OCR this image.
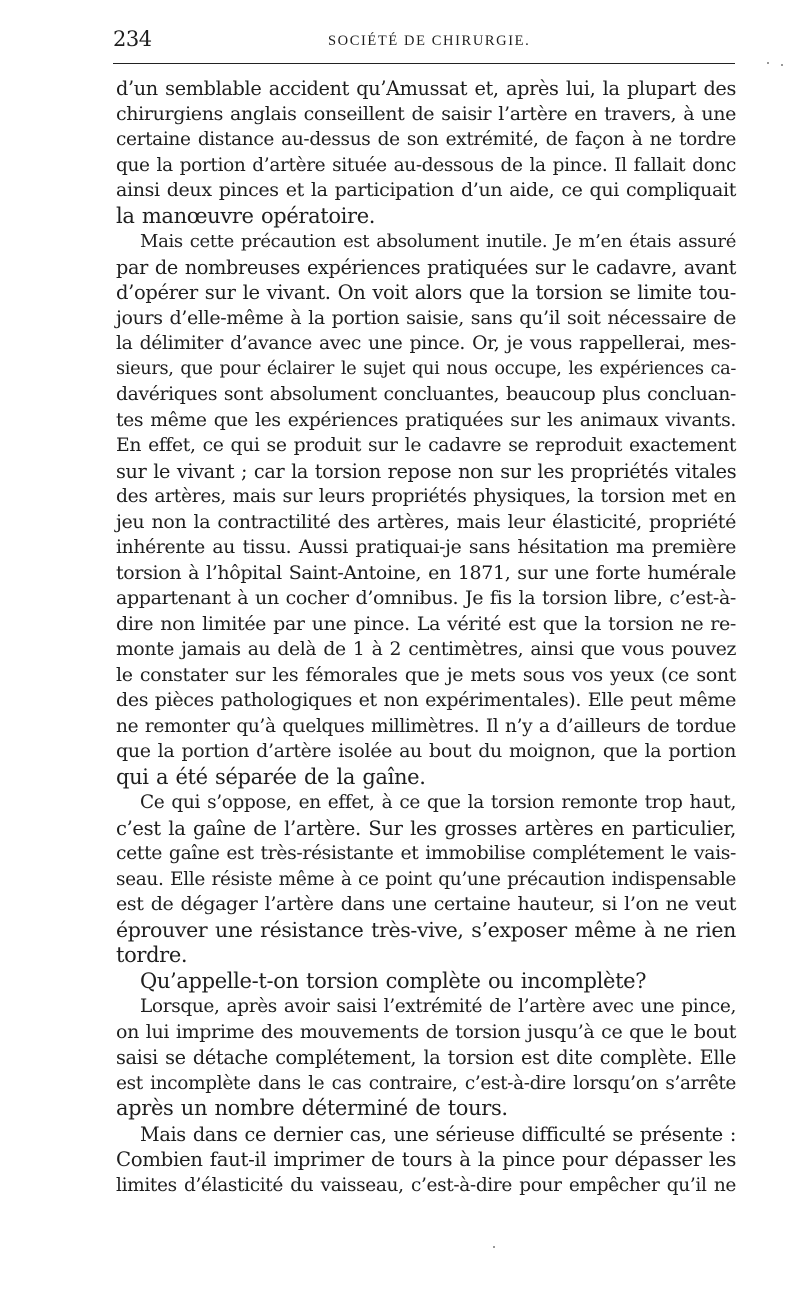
234	SOCIÉTÉ DE CHIRURGIE.
d’un semblable accident qu’Amussat et, après lui, la plupart des
chirurgiens anglais conseillent de saisir l’artère en travers, à une
certaine distance au-dessus de son extrémité, de façon à ne tordre
que la portion d’artère située au-dessous de la pince. Il fallait donc
ainsi deux pinces et la participation d’un aide, ce qui compliquait
la manœuvre opératoire.
Mais cette précaution est absolument inutile. Je m’en étais assuré
par de nombreuses expériences pratiquées sur le cadavre, avant
d’opérer sur le vivant. On voit alors que la torsion se limite tou-
jours d’elle-même à la portion saisie, sans qu’il soit nécessaire de
la délimiter d’avance avec une pince. Or, je vous rappellerai, mes-
sieurs, que pour éclairer le sujet qui nous occupe, les expériences ca-
davériques sont absolument concluantes, beaucoup plus concluan-
tes même que les expériences pratiquées sur les animaux vivants.
En effet, ce qui se produit sur le cadavre se reproduit exactement
sur le vivant ; car la torsion repose non sur les propriétés vitales
des artères, mais sur leurs propriétés physiques, la torsion met en
jeu non la contractilité des artères, mais leur élasticité, propriété
inhérente au tissu. Aussi pratiquai-je sans hésitation ma première
torsion à l’hôpital Saint-Antoine, en 1871, sur une forte humérale
appartenant à un cocher d’omnibus. Je fis la torsion libre, c’est-à-
dire non limitée par une pince. La vérité est que la torsion ne re-
monte jamais au delà de 1 à 2 centimètres, ainsi que vous pouvez
le constater sur les fémorales que je mets sous vos yeux (ce sont
des pièces pathologiques et non expérimentales). Elle peut même
ne remonter qu’à quelques millimètres. Il n’y a d’ailleurs de tordue
que la portion d’artère isolée au bout du moignon, que la portion
qui a été séparée de la gaîne.
Ce qui s’oppose, en effet, à ce que la torsion remonte trop haut,
c’est la gaîne de l’artère. Sur les grosses artères en particulier,
cette gaîne est très-résistante et immobilise complétement le vais-
seau. Elle résiste même à ce point qu’une précaution indispensable
est de dégager l’artère dans une certaine hauteur, si l’on ne veut
éprouver une résistance très-vive, s’exposer même à ne rien
tordre.
Qu’appelle-t-on torsion complète ou incomplète?
Lorsque, après avoir saisi l’extrémité de l’artère avec une pince,
on lui imprime des mouvements de torsion jusqu’à ce que le bout
saisi se détache complétement, la torsion est dite complète. Elle
est incomplète dans le cas contraire, c’est-à-dire lorsqu’on s’arrête
après un nombre déterminé de tours.
Mais dans ce dernier cas, une sérieuse difficulté se présente :
Combien faut-il imprimer de tours à la pince pour dépasser les
limites d’élasticité du vaisseau, c’est-à-dire pour empêcher qu’il ne
